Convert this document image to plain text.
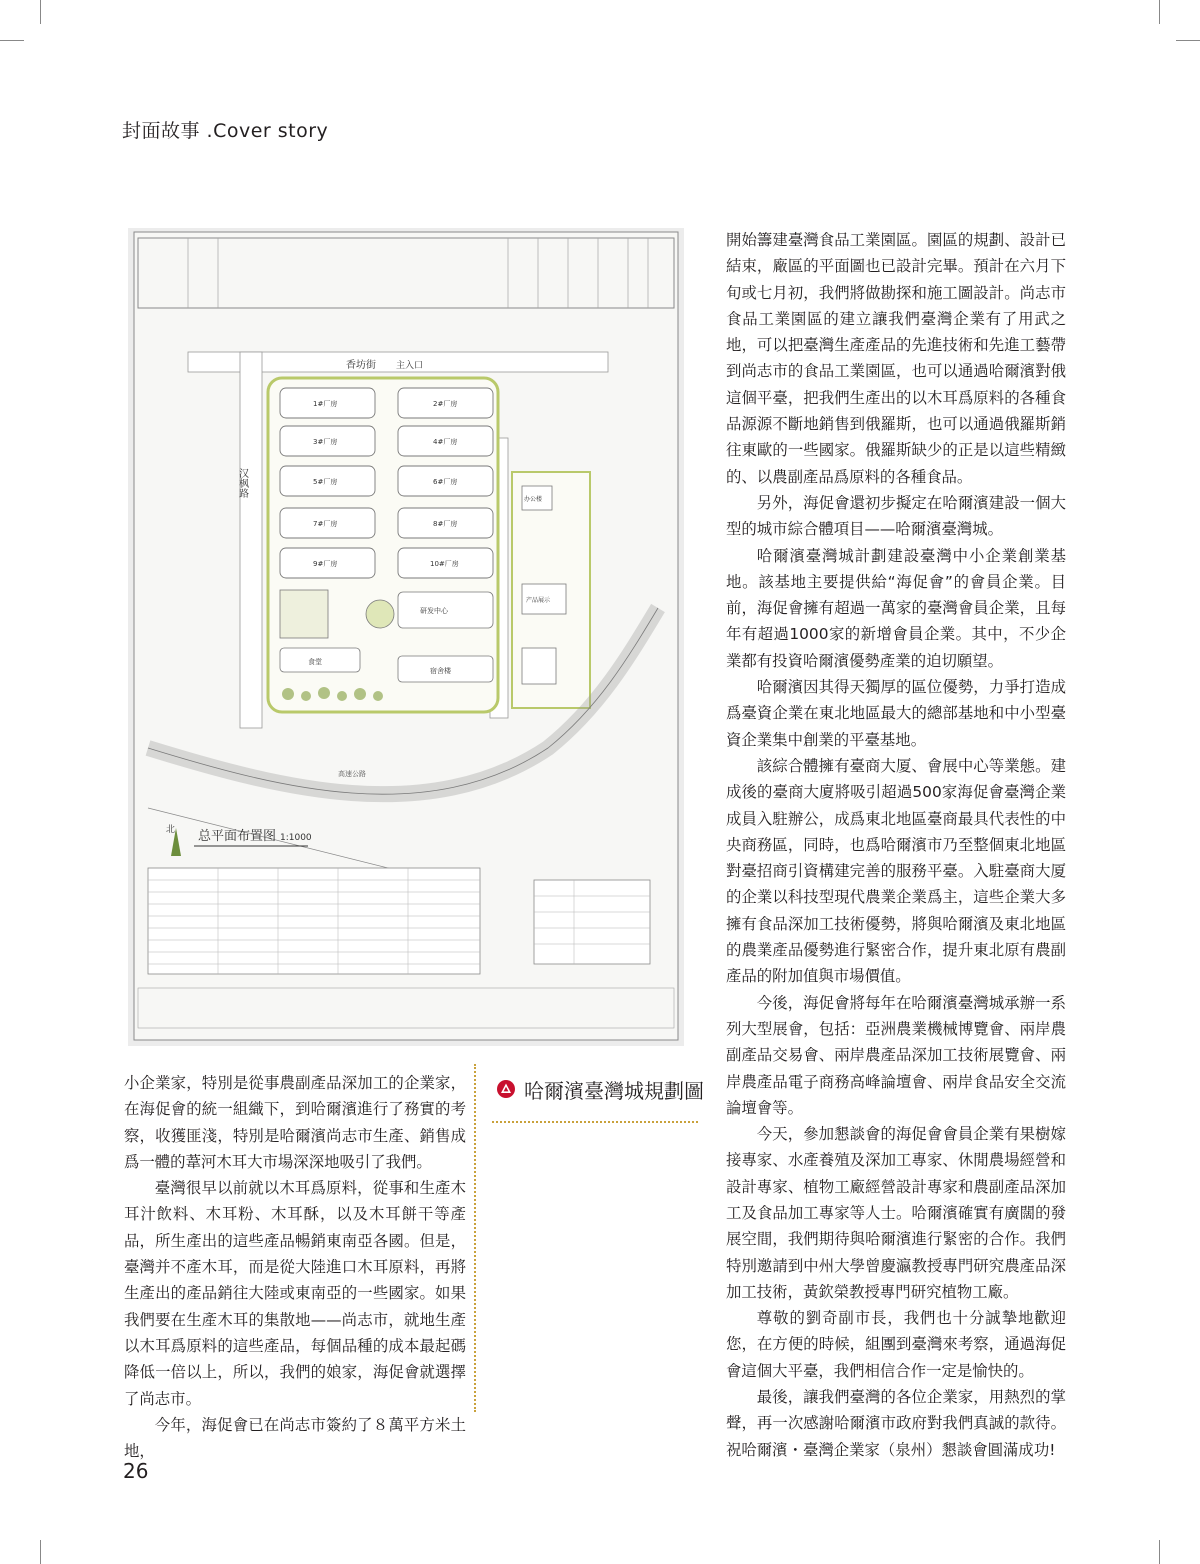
封面故事 .Cover story
香坊街 主入口
汉枫路
1#厂房	2#厂房
3#厂房	4#厂房
5#厂房	6#厂房
7#厂房	8#厂房
9#厂房	10#厂房
研发中心
食堂
宿舍楼
办公楼
产品展示
高速公路
北 总平面布置图 1:1000

小企業家，特別是從事農副產品深加工的企業家，在海促會的統一組織下，到哈爾濱進行了務實的考察，收獲匪淺，特別是哈爾濱尚志市生產、銷售成爲一體的葦河木耳大市場深深地吸引了我們。

臺灣很早以前就以木耳爲原料，從事和生產木耳汁飲料、木耳粉、木耳酥，以及木耳餅干等產品，所生產出的這些產品暢銷東南亞各國。但是，臺灣并不產木耳，而是從大陸進口木耳原料，再將生產出的產品銷往大陸或東南亞的一些國家。如果我們要在生產木耳的集散地——尚志市，就地生產以木耳爲原料的這些產品，每個品種的成本最起碼降低一倍以上，所以，我們的娘家，海促會就選擇了尚志市。

今年，海促會已在尚志市簽約了８萬平方米土地，

哈爾濱臺灣城規劃圖

開始籌建臺灣食品工業園區。園區的規劃、設計已結束，廠區的平面圖也已設計完畢。預計在六月下旬或七月初，我們將做勘探和施工圖設計。尚志市食品工業園區的建立讓我們臺灣企業有了用武之地，可以把臺灣生產產品的先進技術和先進工藝帶到尚志市的食品工業園區，也可以通過哈爾濱對俄這個平臺，把我們生產出的以木耳爲原料的各種食品源源不斷地銷售到俄羅斯，也可以通過俄羅斯銷往東歐的一些國家。俄羅斯缺少的正是以這些精緻的、以農副產品爲原料的各種食品。

另外，海促會還初步擬定在哈爾濱建設一個大型的城市綜合體項目——哈爾濱臺灣城。

哈爾濱臺灣城計劃建設臺灣中小企業創業基地。該基地主要提供給“海促會”的會員企業。目前，海促會擁有超過一萬家的臺灣會員企業，且每年有超過1000家的新增會員企業。其中，不少企業都有投資哈爾濱優勢產業的迫切願望。

哈爾濱因其得天獨厚的區位優勢，力爭打造成爲臺資企業在東北地區最大的總部基地和中小型臺資企業集中創業的平臺基地。

該綜合體擁有臺商大厦、會展中心等業態。建成後的臺商大廈將吸引超過500家海促會臺灣企業成員入駐辦公，成爲東北地區臺商最具代表性的中央商務區，同時，也爲哈爾濱市乃至整個東北地區對臺招商引資構建完善的服務平臺。入駐臺商大厦的企業以科技型現代農業企業爲主，這些企業大多擁有食品深加工技術優勢，將與哈爾濱及東北地區的農業產品優勢進行緊密合作，提升東北原有農副產品的附加值與市場價值。

今後，海促會將每年在哈爾濱臺灣城承辦一系列大型展會，包括：亞洲農業機械博覽會、兩岸農副產品交易會、兩岸農產品深加工技術展覽會、兩岸農產品電子商務高峰論壇會、兩岸食品安全交流論壇會等。

今天，參加懇談會的海促會會員企業有果樹嫁接專家、水產養殖及深加工專家、休閒農場經營和設計專家、植物工廠經營設計專家和農副產品深加工及食品加工專家等人士。哈爾濱確實有廣闊的發展空間，我們期待與哈爾濱進行緊密的合作。我們特別邀請到中州大學曾慶瀛教授專門研究農產品深加工技術，黃欽榮教授專門研究植物工廠。

尊敬的劉奇副市長，我們也十分誠摯地歡迎您，在方便的時候，組團到臺灣來考察，通過海促會這個大平臺，我們相信合作一定是愉快的。

最後，讓我們臺灣的各位企業家，用熱烈的掌聲，再一次感謝哈爾濱市政府對我們真誠的款待。祝哈爾濱・臺灣企業家（泉州）懇談會圓滿成功!

26
